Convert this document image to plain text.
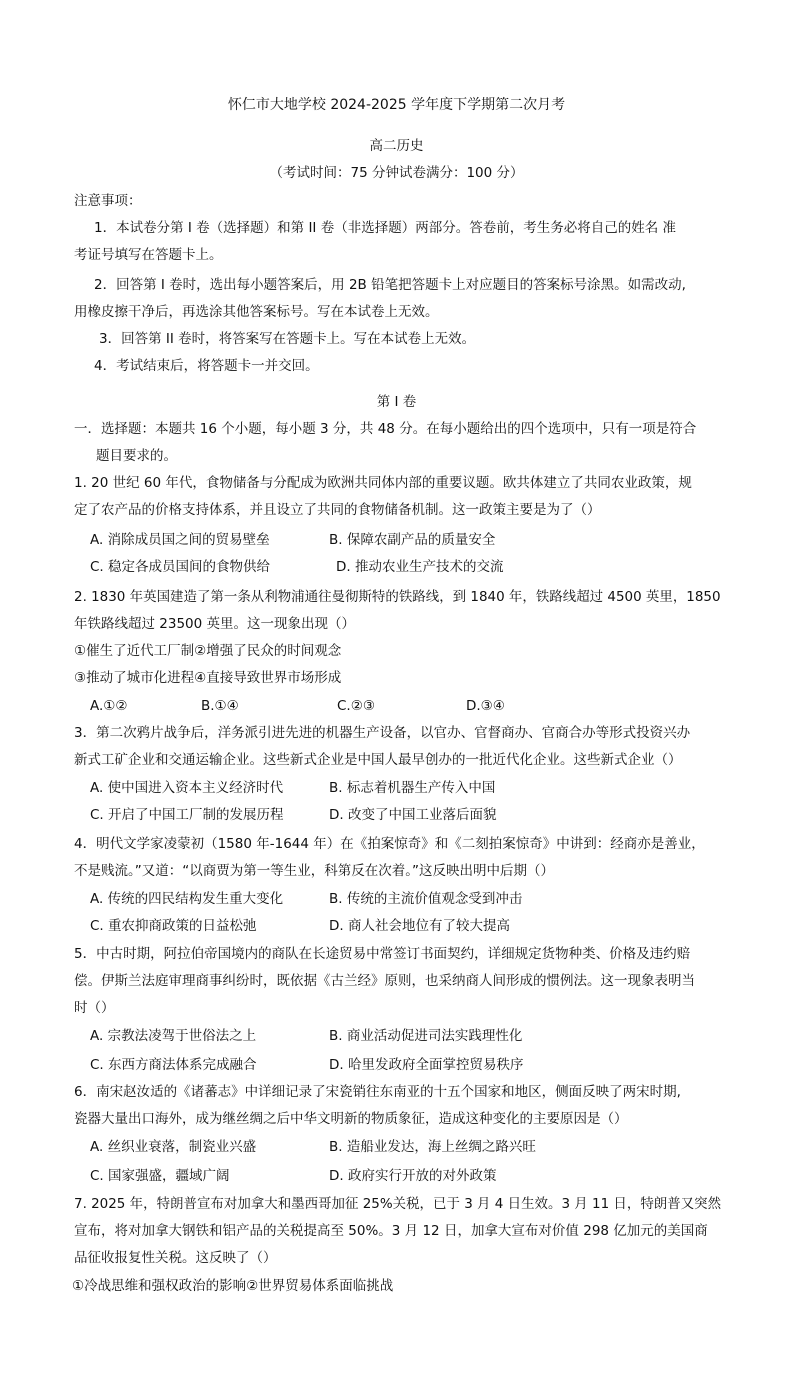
怀仁市大地学校 2024-2025 学年度下学期第二次月考
高二历史
（考试时间：75 分钟试卷满分：100 分）
注意事项：
1．本试卷分第 I 卷（选择题）和第 II 卷（非选择题）两部分。答卷前，考生务必将自己的姓名 准
考证号填写在答题卡上。
2．回答第 I 卷时，选出每小题答案后，用 2B 铅笔把答题卡上对应题目的答案标号涂黑。如需改动,
用橡皮擦干净后，再选涂其他答案标号。写在本试卷上无效。
3．回答第 II 卷时，将答案写在答题卡上。写在本试卷上无效。
4．考试结束后，将答题卡一并交回。
第 I 卷
一．选择题：本题共 16 个小题，每小题 3 分，共 48 分。在每小题给出的四个选项中，只有一项是符合
题目要求的。
1. 20 世纪 60 年代，食物储备与分配成为欧洲共同体内部的重要议题。欧共体建立了共同农业政策，规
定了农产品的价格支持体系，并且设立了共同的食物储备机制。这一政策主要是为了（）
A. 消除成员国之间的贸易壁垒	B. 保障农副产品的质量安全
C. 稳定各成员国间的食物供给	D. 推动农业生产技术的交流
2. 1830 年英国建造了第一条从利物浦通往曼彻斯特的铁路线，到 1840 年，铁路线超过 4500 英里，1850
年铁路线超过 23500 英里。这一现象出现（）
①催生了近代工厂制②增强了民众的时间观念
③推动了城市化进程④直接导致世界市场形成
A.①②	B.①④	C.②③	D.③④
3．第二次鸦片战争后，洋务派引进先进的机器生产设备，以官办、官督商办、官商合办等形式投资兴办
新式工矿企业和交通运输企业。这些新式企业是中国人最早创办的一批近代化企业。这些新式企业（）
A. 使中国进入资本主义经济时代	B. 标志着机器生产传入中国
C. 开启了中国工厂制的发展历程	D. 改变了中国工业落后面貌
4．明代文学家凌蒙初（1580 年-1644 年）在《拍案惊奇》和《二刻拍案惊奇》中讲到：经商亦是善业，
不是贱流。”又道：“以商贾为第一等生业，科第反在次着。”这反映出明中后期（）
A. 传统的四民结构发生重大变化	B. 传统的主流价值观念受到冲击
C. 重农抑商政策的日益松弛	D. 商人社会地位有了较大提高
5．中古时期，阿拉伯帝国境内的商队在长途贸易中常签订书面契约，详细规定货物种类、价格及违约赔
偿。伊斯兰法庭审理商事纠纷时，既依据《古兰经》原则，也采纳商人间形成的惯例法。这一现象表明当
时（）
A. 宗教法凌驾于世俗法之上	B. 商业活动促进司法实践理性化
C. 东西方商法体系完成融合	D. 哈里发政府全面掌控贸易秩序
6．南宋赵汝适的《诸蕃志》中详细记录了宋瓷销往东南亚的十五个国家和地区，侧面反映了两宋时期,
瓷器大量出口海外，成为继丝绸之后中华文明新的物质象征，造成这种变化的主要原因是（）
A. 丝织业衰落，制瓷业兴盛	B. 造船业发达，海上丝绸之路兴旺
C. 国家强盛，疆域广阔	D. 政府实行开放的对外政策
7. 2025 年，特朗普宣布对加拿大和墨西哥加征 25%关税，已于 3 月 4 日生效。3 月 11 日，特朗普又突然
宣布，将对加拿大钢铁和铝产品的关税提高至 50%。3 月 12 日，加拿大宣布对价值 298 亿加元的美国商
品征收报复性关税。这反映了（）
①冷战思维和强权政治的影响②世界贸易体系面临挑战
